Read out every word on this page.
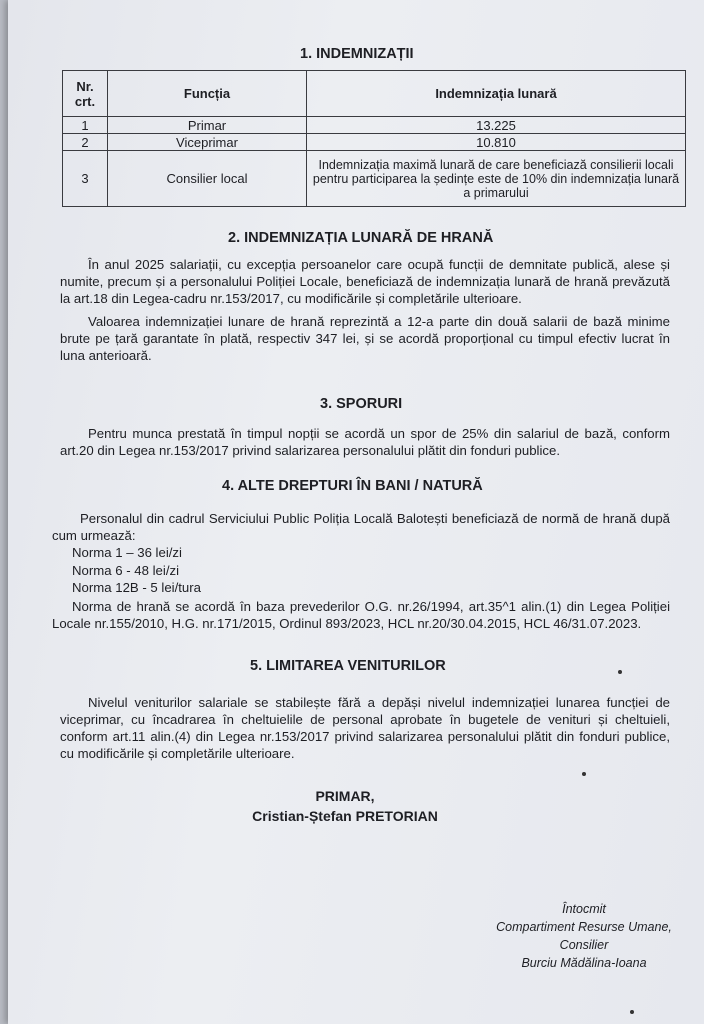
1. INDEMNIZAȚII
Nr. crt.	Funcția	Indemnizația lunară
1	Primar	13.225
2	Viceprimar	10.810
3	Consilier local	Indemnizația maximă lunară de care beneficiază consilierii locali pentru participarea la ședințe este de 10% din indemnizația lunară a primarului
2. INDEMNIZAȚIA LUNARĂ DE HRANĂ

În anul 2025 salariații, cu excepția persoanelor care ocupă funcții de demnitate publică, alese și numite, precum și a personalului Poliției Locale, beneficiază de indemnizația lunară de hrană prevăzută la art.18 din Legea-cadru nr.153/2017, cu modificările și completările ulterioare.

Valoarea indemnizației lunare de hrană reprezintă a 12-a parte din două salarii de bază minime brute pe țară garantate în plată, respectiv 347 lei, și se acordă proporțional cu timpul efectiv lucrat în luna anterioară.

3. SPORURI

Pentru munca prestată în timpul nopții se acordă un spor de 25% din salariul de bază, conform art.20 din Legea nr.153/2017 privind salarizarea personalului plătit din fonduri publice.

4. ALTE DREPTURI ÎN BANI / NATURĂ

Personalul din cadrul Serviciului Public Poliția Locală Balotești beneficiază de normă de hrană după cum urmează:

Norma 1 – 36 lei/zi
Norma 6 - 48 lei/zi
Norma 12B - 5 lei/tura

Norma de hrană se acordă în baza prevederilor O.G. nr.26/1994, art.35^1 alin.(1) din Legea Poliției Locale nr.155/2010, H.G. nr.171/2015, Ordinul 893/2023, HCL nr.20/30.04.2015, HCL 46/31.07.2023.

5. LIMITAREA VENITURILOR

Nivelul veniturilor salariale se stabilește fără a depăși nivelul indemnizației lunarea funcției de viceprimar, cu încadrarea în cheltuielile de personal aprobate în bugetele de venituri și cheltuieli, conform art.11 alin.(4) din Legea nr.153/2017 privind salarizarea personalului plătit din fonduri publice, cu modificările și completările ulterioare.

PRIMAR,
Cristian-Ștefan PRETORIAN
Întocmit
Compartiment Resurse Umane,
Consilier
Burciu Mădălina-Ioana
